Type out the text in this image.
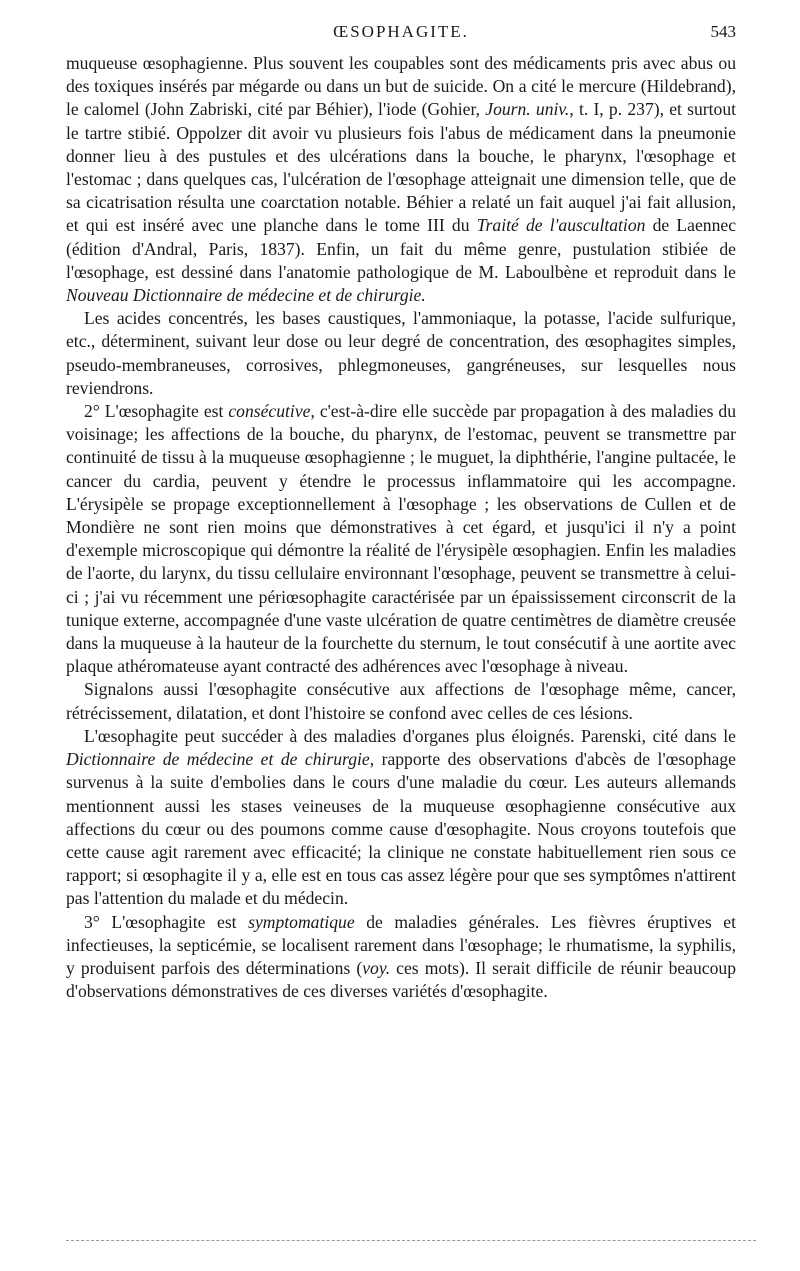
ŒSOPHAGITE.	543

muqueuse œsophagienne. Plus souvent les coupables sont des médicaments pris avec abus ou des toxiques insérés par mégarde ou dans un but de suicide. On a cité le mercure (Hildebrand), le calomel (John Zabriski, cité par Béhier), l'iode (Gohier, Journ. univ., t. I, p. 237), et surtout le tartre stibié. Oppolzer dit avoir vu plusieurs fois l'abus de médicament dans la pneumonie donner lieu à des pustules et des ulcérations dans la bouche, le pharynx, l'œsophage et l'estomac ; dans quelques cas, l'ulcération de l'œsophage atteignait une dimension telle, que de sa cicatrisation résulta une coarctation notable. Béhier a relaté un fait auquel j'ai fait allusion, et qui est inséré avec une planche dans le tome III du Traité de l'auscultation de Laennec (édition d'Andral, Paris, 1837). Enfin, un fait du même genre, pustulation stibiée de l'œsophage, est dessiné dans l'anatomie pathologique de M. Laboulbène et reproduit dans le Nouveau Dictionnaire de médecine et de chirurgie.

Les acides concentrés, les bases caustiques, l'ammoniaque, la potasse, l'acide sulfurique, etc., déterminent, suivant leur dose ou leur degré de concentration, des œsophagites simples, pseudo-membraneuses, corrosives, phlegmoneuses, gangréneuses, sur lesquelles nous reviendrons.

2° L'œsophagite est consécutive, c'est-à-dire elle succède par propagation à des maladies du voisinage; les affections de la bouche, du pharynx, de l'estomac, peuvent se transmettre par continuité de tissu à la muqueuse œsophagienne ; le muguet, la diphthérie, l'angine pultacée, le cancer du cardia, peuvent y étendre le processus inflammatoire qui les accompagne. L'érysipèle se propage exceptionnellement à l'œsophage ; les observations de Cullen et de Mondière ne sont rien moins que démonstratives à cet égard, et jusqu'ici il n'y a point d'exemple microscopique qui démontre la réalité de l'érysipèle œsophagien. Enfin les maladies de l'aorte, du larynx, du tissu cellulaire environnant l'œsophage, peuvent se transmettre à celui-ci ; j'ai vu récemment une périœsophagite caractérisée par un épaississement circonscrit de la tunique externe, accompagnée d'une vaste ulcération de quatre centimètres de diamètre creusée dans la muqueuse à la hauteur de la fourchette du sternum, le tout consécutif à une aortite avec plaque athéromateuse ayant contracté des adhérences avec l'œsophage à niveau.

Signalons aussi l'œsophagite consécutive aux affections de l'œsophage même, cancer, rétrécissement, dilatation, et dont l'histoire se confond avec celles de ces lésions.

L'œsophagite peut succéder à des maladies d'organes plus éloignés. Parenski, cité dans le Dictionnaire de médecine et de chirurgie, rapporte des observations d'abcès de l'œsophage survenus à la suite d'embolies dans le cours d'une maladie du cœur. Les auteurs allemands mentionnent aussi les stases veineuses de la muqueuse œsophagienne consécutive aux affections du cœur ou des poumons comme cause d'œsophagite. Nous croyons toutefois que cette cause agit rarement avec efficacité; la clinique ne constate habituellement rien sous ce rapport; si œsophagite il y a, elle est en tous cas assez légère pour que ses symptômes n'attirent pas l'attention du malade et du médecin.

3° L'œsophagite est symptomatique de maladies générales. Les fièvres éruptives et infectieuses, la septicémie, se localisent rarement dans l'œsophage; le rhumatisme, la syphilis, y produisent parfois des déterminations (voy. ces mots). Il serait difficile de réunir beaucoup d'observations démonstratives de ces diverses variétés d'œsophagite.
